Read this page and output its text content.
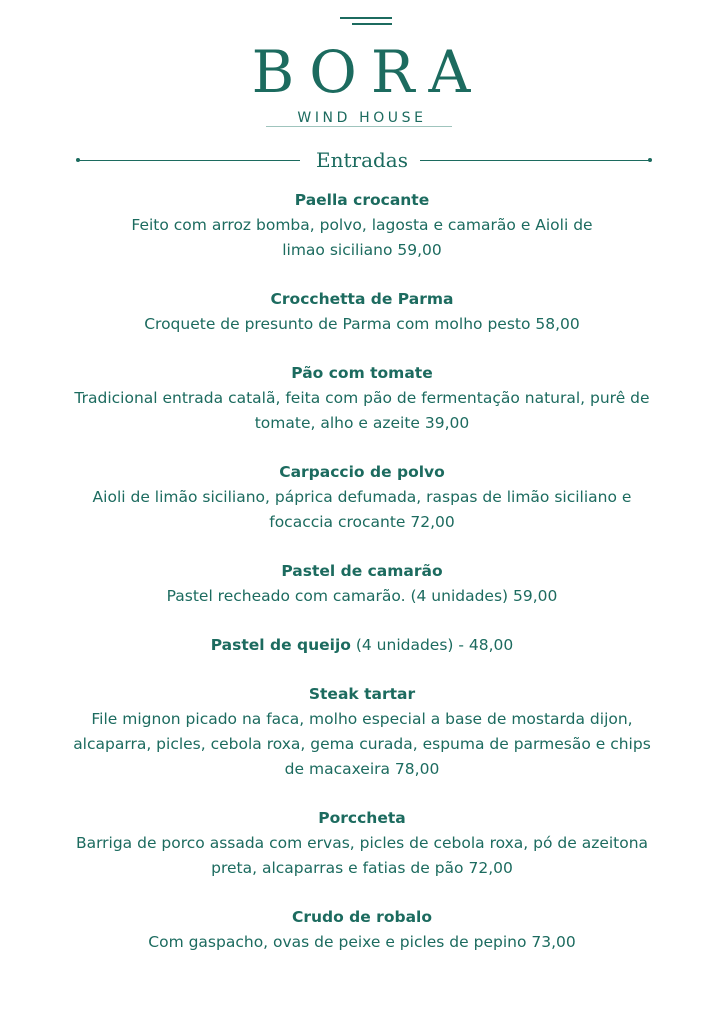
BORA
WIND HOUSE
Entradas
Paella crocante
Feito com arroz bomba, polvo, lagosta e camarão e Aioli de
limao siciliano 59,00
Crocchetta de Parma
Croquete de presunto de Parma com molho pesto 58,00
Pão com tomate
Tradicional entrada catalã, feita com pão de fermentação natural, purê de
tomate, alho e azeite 39,00
Carpaccio de polvo
Aioli de limão siciliano, páprica defumada, raspas de limão siciliano e
focaccia crocante 72,00
Pastel de camarão
Pastel recheado com camarão. (4 unidades) 59,00
Pastel de queijo (4 unidades) - 48,00
Steak tartar
File mignon picado na faca, molho especial a base de mostarda dijon,
alcaparra, picles, cebola roxa, gema curada, espuma de parmesão e chips
de macaxeira 78,00
Porccheta
Barriga de porco assada com ervas, picles de cebola roxa, pó de azeitona
preta, alcaparras e fatias de pão 72,00
Crudo de robalo
Com gaspacho, ovas de peixe e picles de pepino 73,00
